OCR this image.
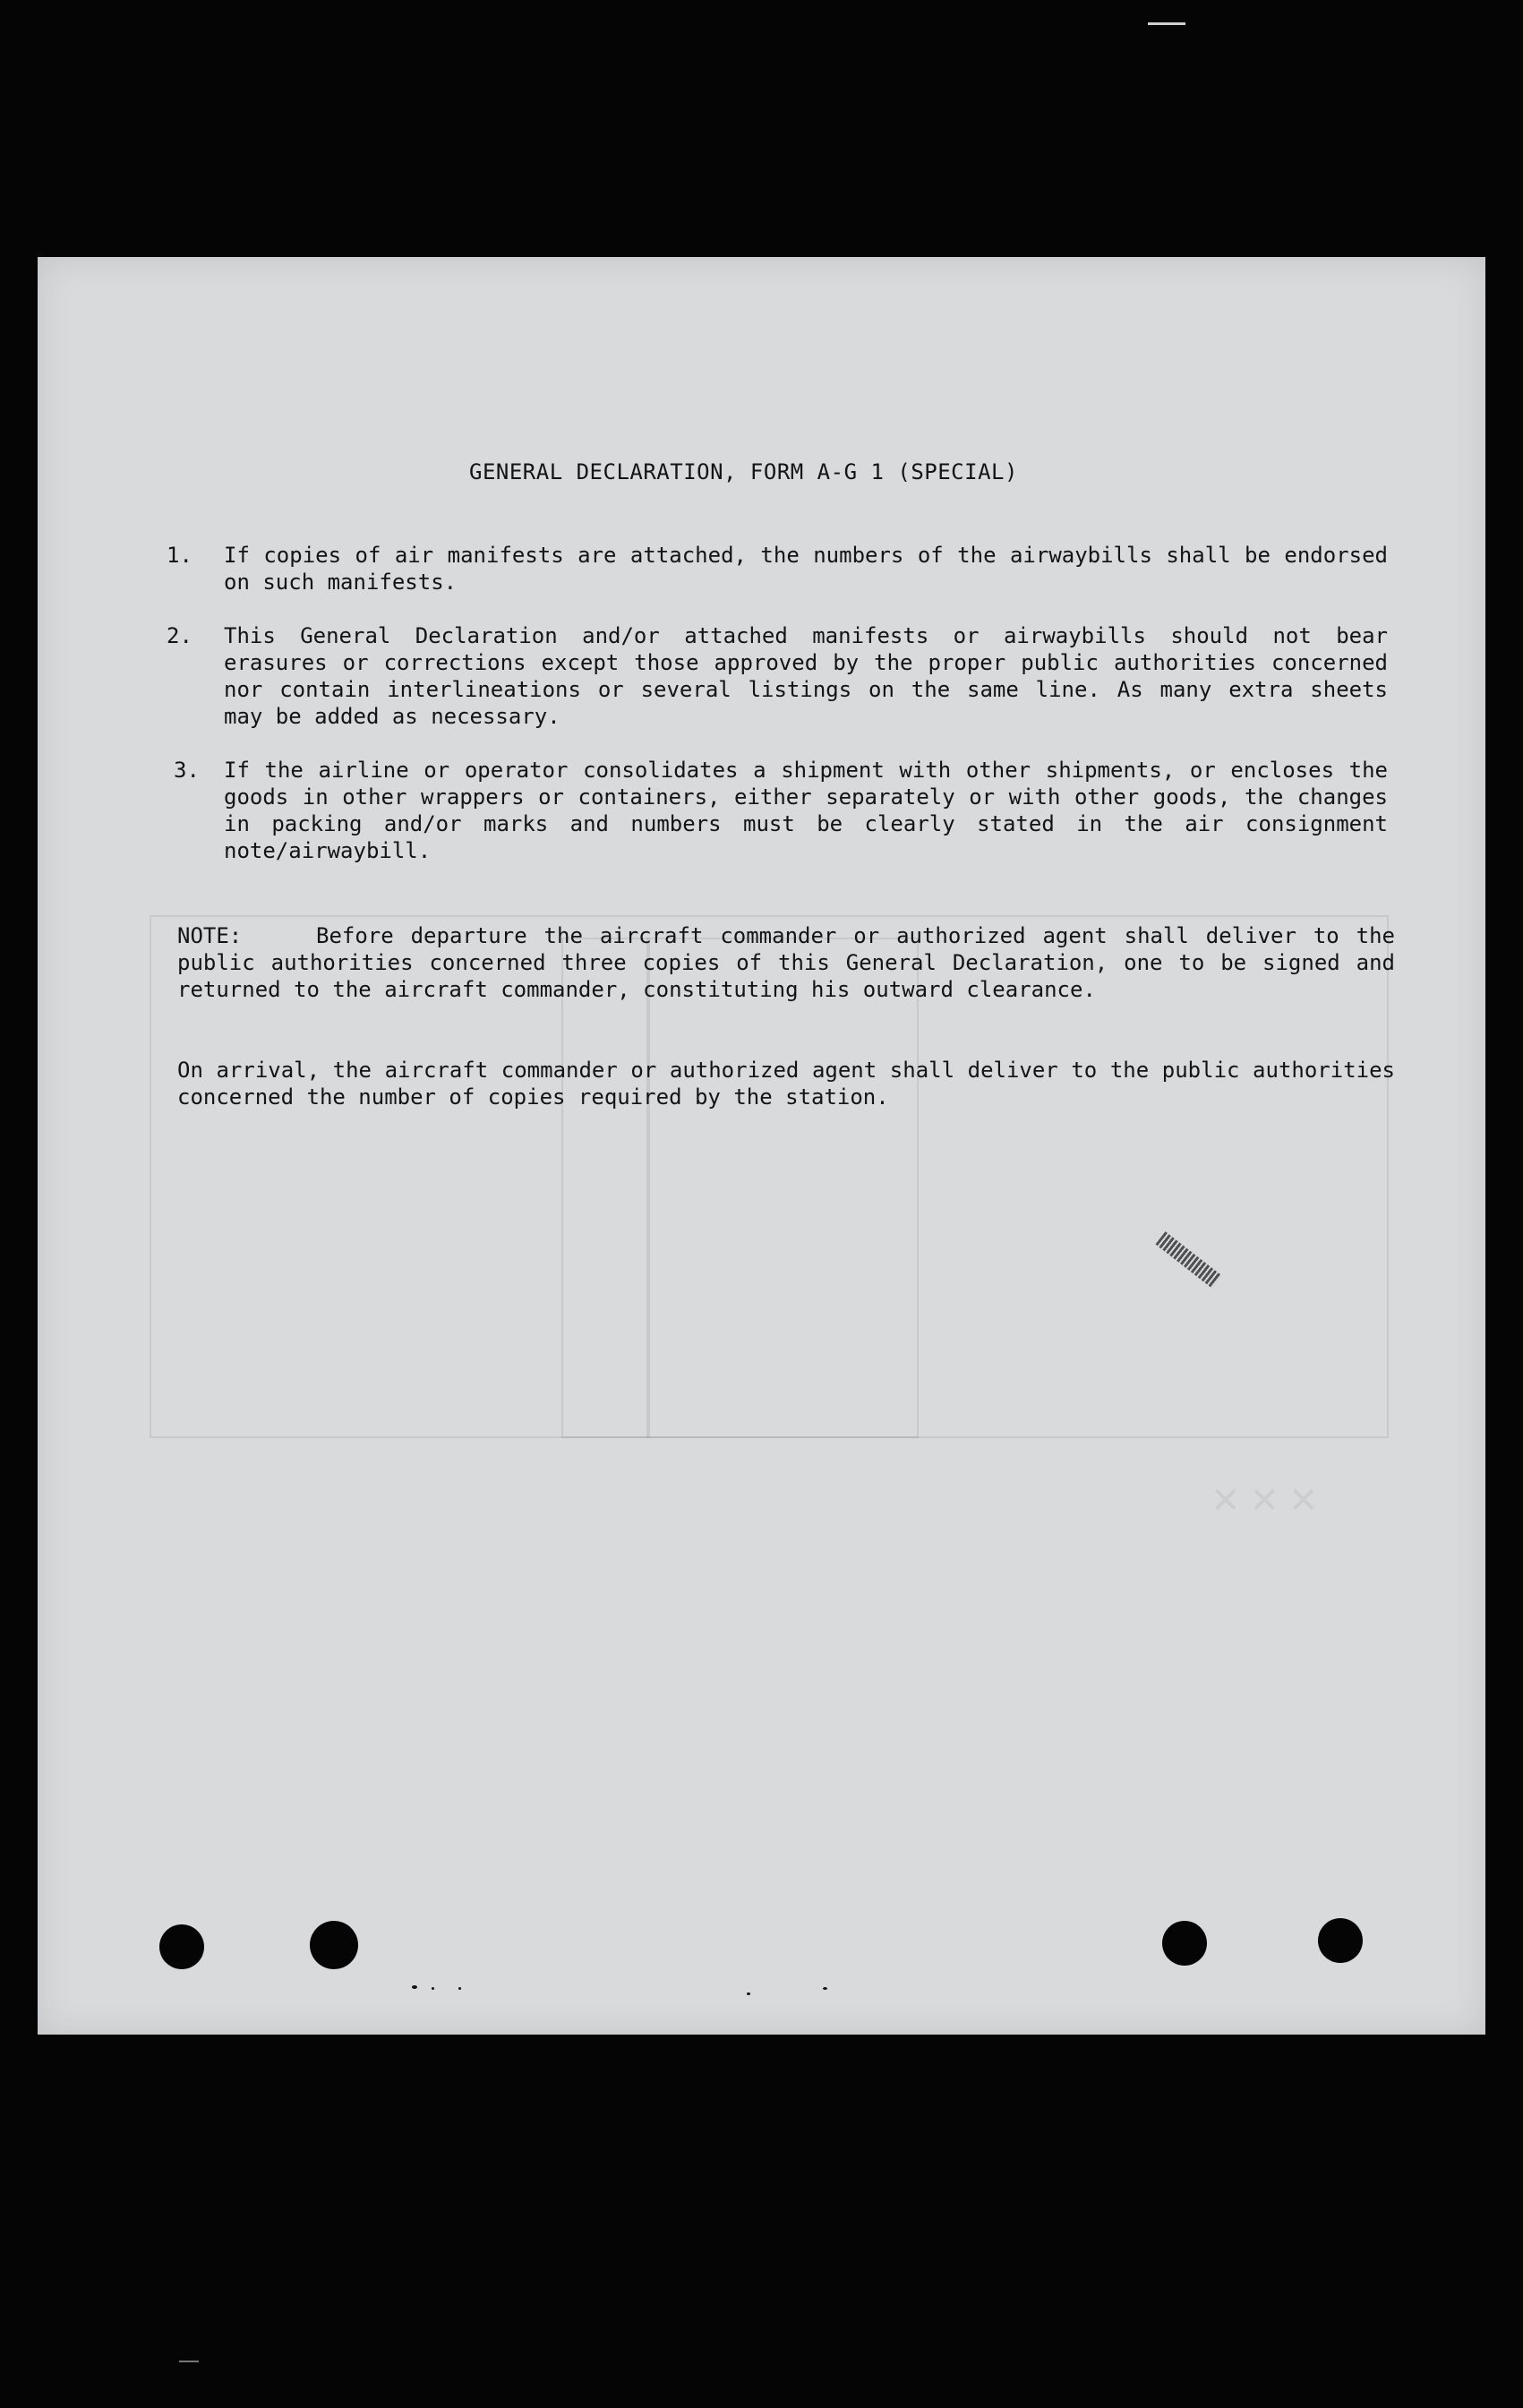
✕ ✕ ✕
GENERAL DECLARATION, FORM A-G 1 (SPECIAL)
1.	If copies of air manifests are attached, the numbers of the airwaybills shall be endorsed on such manifests.
2.	This General Declaration and/or attached manifests or airwaybills should not bear erasures or corrections except those approved by the proper public authorities concerned nor contain interlineations or several listings on the same line. As many extra sheets may be added as necessary.
3.	If the airline or operator consolidates a shipment with other shipments, or encloses the goods in other wrappers or containers, either separately or with other goods, the changes in packing and/or marks and numbers must be clearly stated in the air consignment note/airwaybill.
NOTE:	Before departure the aircraft commander or authorized agent shall deliver to the public authorities concerned three copies of this General Declaration, one to be signed and returned to the aircraft commander, constituting his outward clearance.
On arrival, the aircraft commander or authorized agent shall deliver to the public authorities concerned the number of copies required by the station.
